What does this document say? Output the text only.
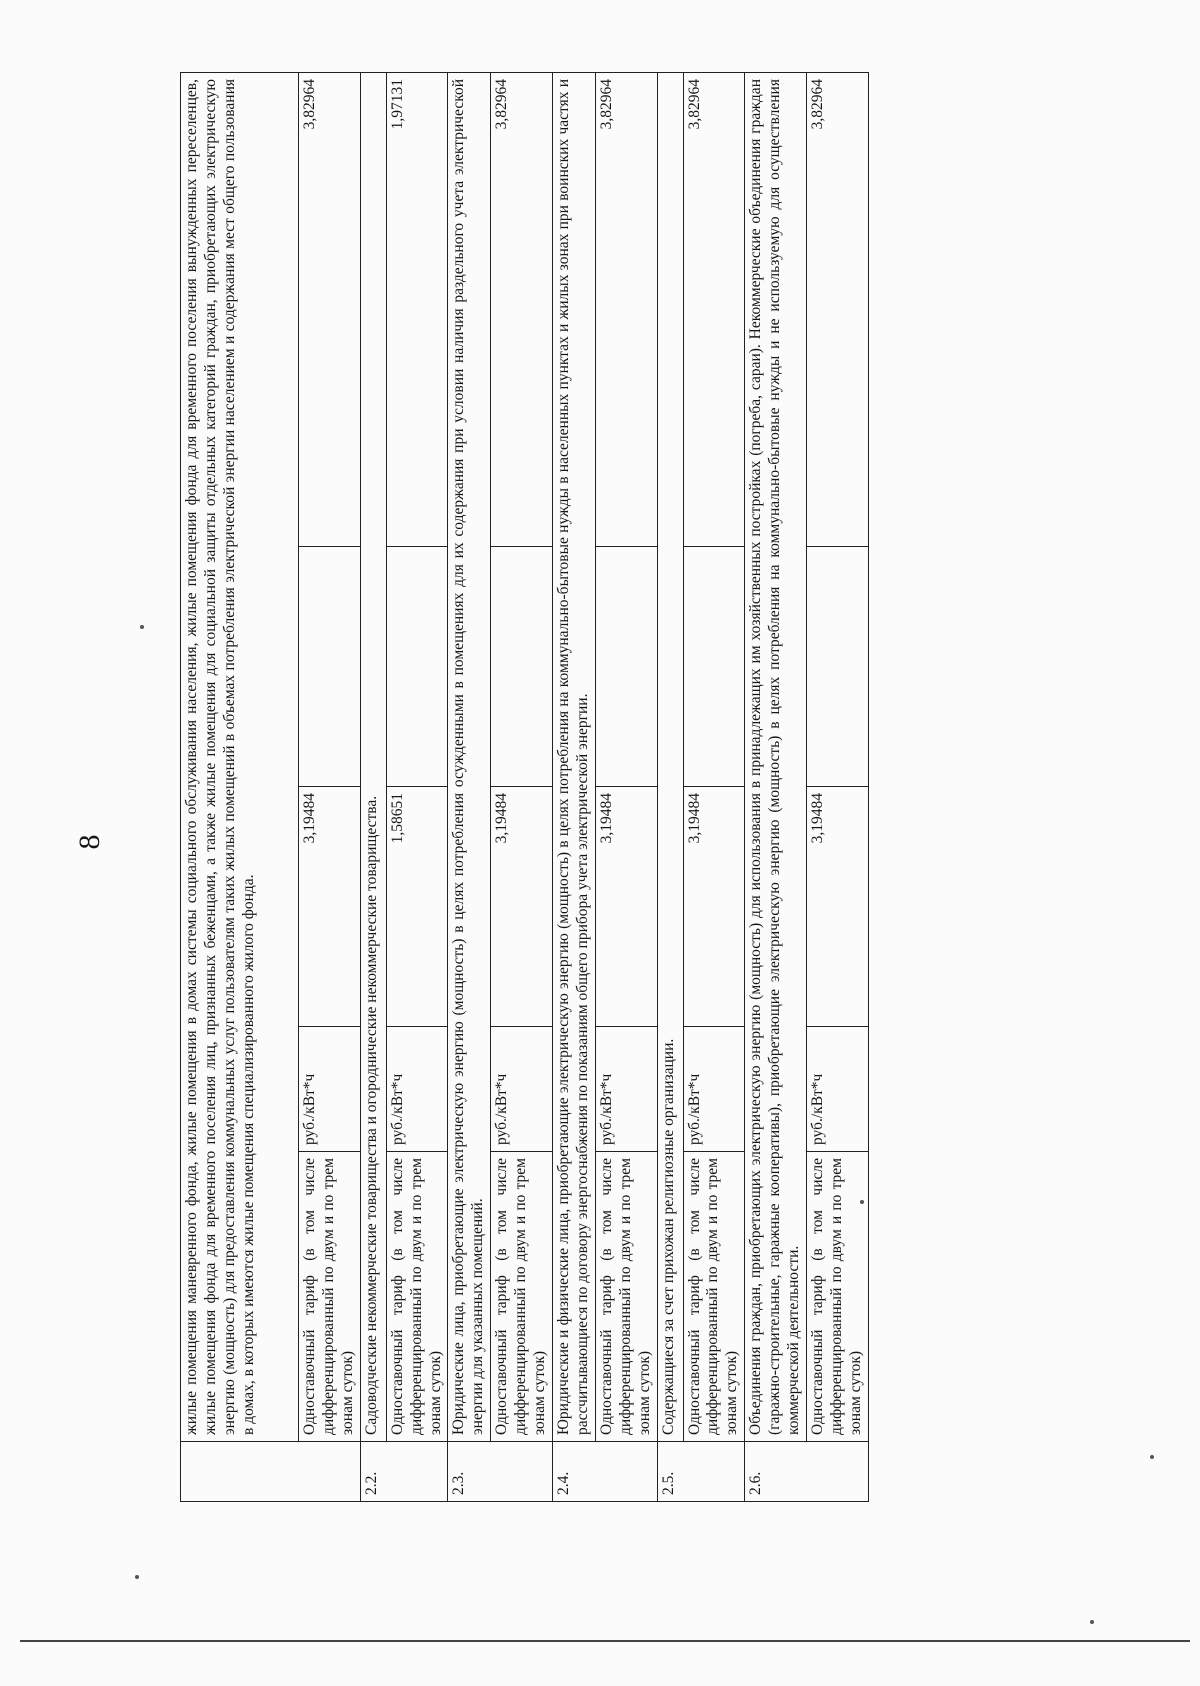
8
		жилые помещения маневренного фонда, жилые помещения в домах системы социального обслуживания населения, жилые помещения фонда для временного поселения вынужденных переселенцев, жилые помещения фонда для временного поселения лиц, признанных беженцами, а также жилые помещения для социальной защиты отдельных категорий граждан, приобретающих электрическую энергию (мощность) для предоставления коммунальных услуг пользователям таких жилых помещений в объемах потребления электрической энергии населением и содержания мест общего пользования в домах, в которых имеются жилые помещения специализированного жилого фонда.				
	Одноставочный тариф (в том числе дифференцированный по двум и по трем зонам суток)	руб./кВт*ч	3,19484		3,82964
2.2.	Садоводческие некоммерческие товарищества и огороднические некоммерческие товарищества.				
	Одноставочный тариф (в том числе дифференцированный по двум и по трем зонам суток)	руб./кВт*ч	1,58651		1,97131
2.3.	Юридические лица, приобретающие электрическую энергию (мощность) в целях потребления осужденными в помещениях для их содержания при условии наличия раздельного учета электрической энергии для указанных помещений.				
	Одноставочный тариф (в том числе дифференцированный по двум и по трем зонам суток)	руб./кВт*ч	3,19484		3,82964
2.4.	Юридические и физические лица, приобретающие электрическую энергию (мощность) в целях потребления на коммунально-бытовые нужды в населенных пунктах и жилых зонах при воинских частях и рассчитывающиеся по договору энергоснабжения по показаниям общего прибора учета электрической энергии.				
	Одноставочный тариф (в том числе дифференцированный по двум и по трем зонам суток)	руб./кВт*ч	3,19484		3,82964
2.5.	Содержащиеся за счет прихожан религиозные организации.				
	Одноставочный тариф (в том числе дифференцированный по двум и по трем зонам суток)	руб./кВт*ч	3,19484		3,82964
2.6.	Объединения граждан, приобретающих электрическую энергию (мощность) для использования в принадлежащих им хозяйственных постройках (погреба, сараи). Некоммерческие объединения граждан (гаражно-строительные, гаражные кооперативы), приобретающие электрическую энергию (мощность) в целях потребления на коммунально-бытовые нужды и не используемую для осуществления коммерческой деятельности.				
	Одноставочный тариф (в том числе дифференцированный по двум и по трем зонам суток)	руб./кВт*ч	3,19484		3,82964
